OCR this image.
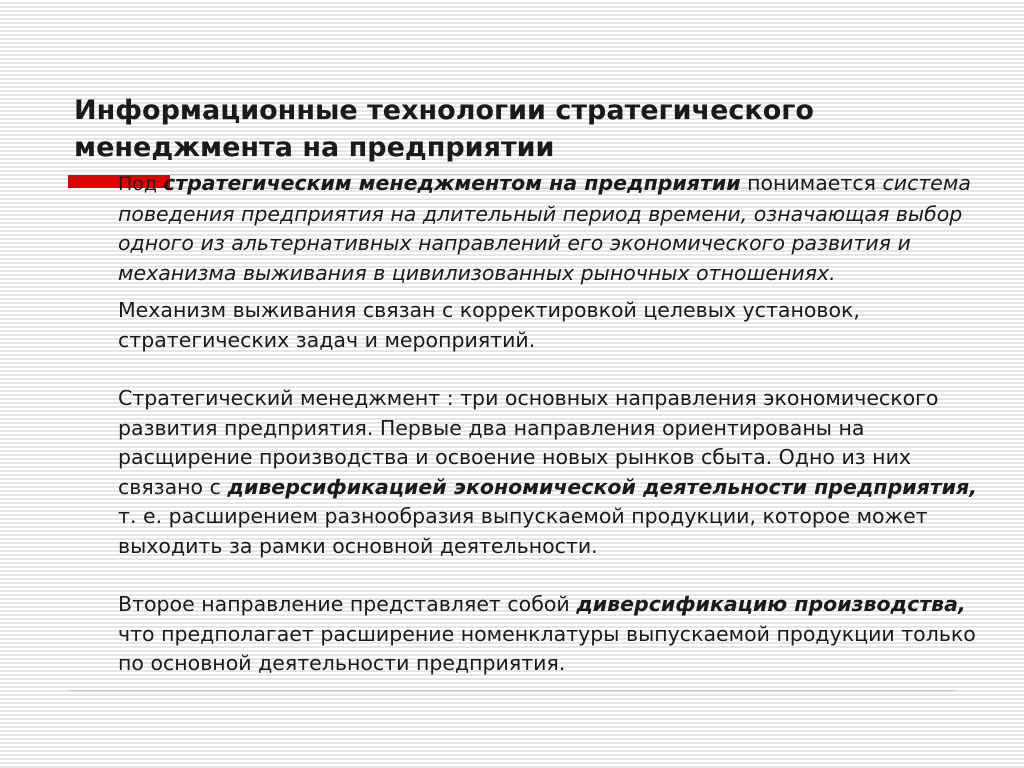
Информационные технологии стратегического
менеджмента на предприятии

Под стратегическим менеджментом на предприятии понимается система поведения предприятия на длительный период времени, означающая выбор одного из альтернативных направлений его экономического развития и механизма выживания в цивилизованных рыночных отношениях.

Механизм выживания связан с корректировкой целевых установок, стратегических задач и мероприятий.

Стратегический менеджмент : три основных направления экономического развития предприятия. Первые два направления ориентированы на расщирение производства и освоение новых рынков сбыта. Одно из них связано с диверсификацией экономической деятельности предприятия, т. е. расширением разнообразия выпускаемой продукции, которое может выходить за рамки основной деятельности.

Второе направление представляет собой диверсификацию производства, что предполагает расширение номенклатуры выпускаемой продукции только по основной деятельности предприятия.
